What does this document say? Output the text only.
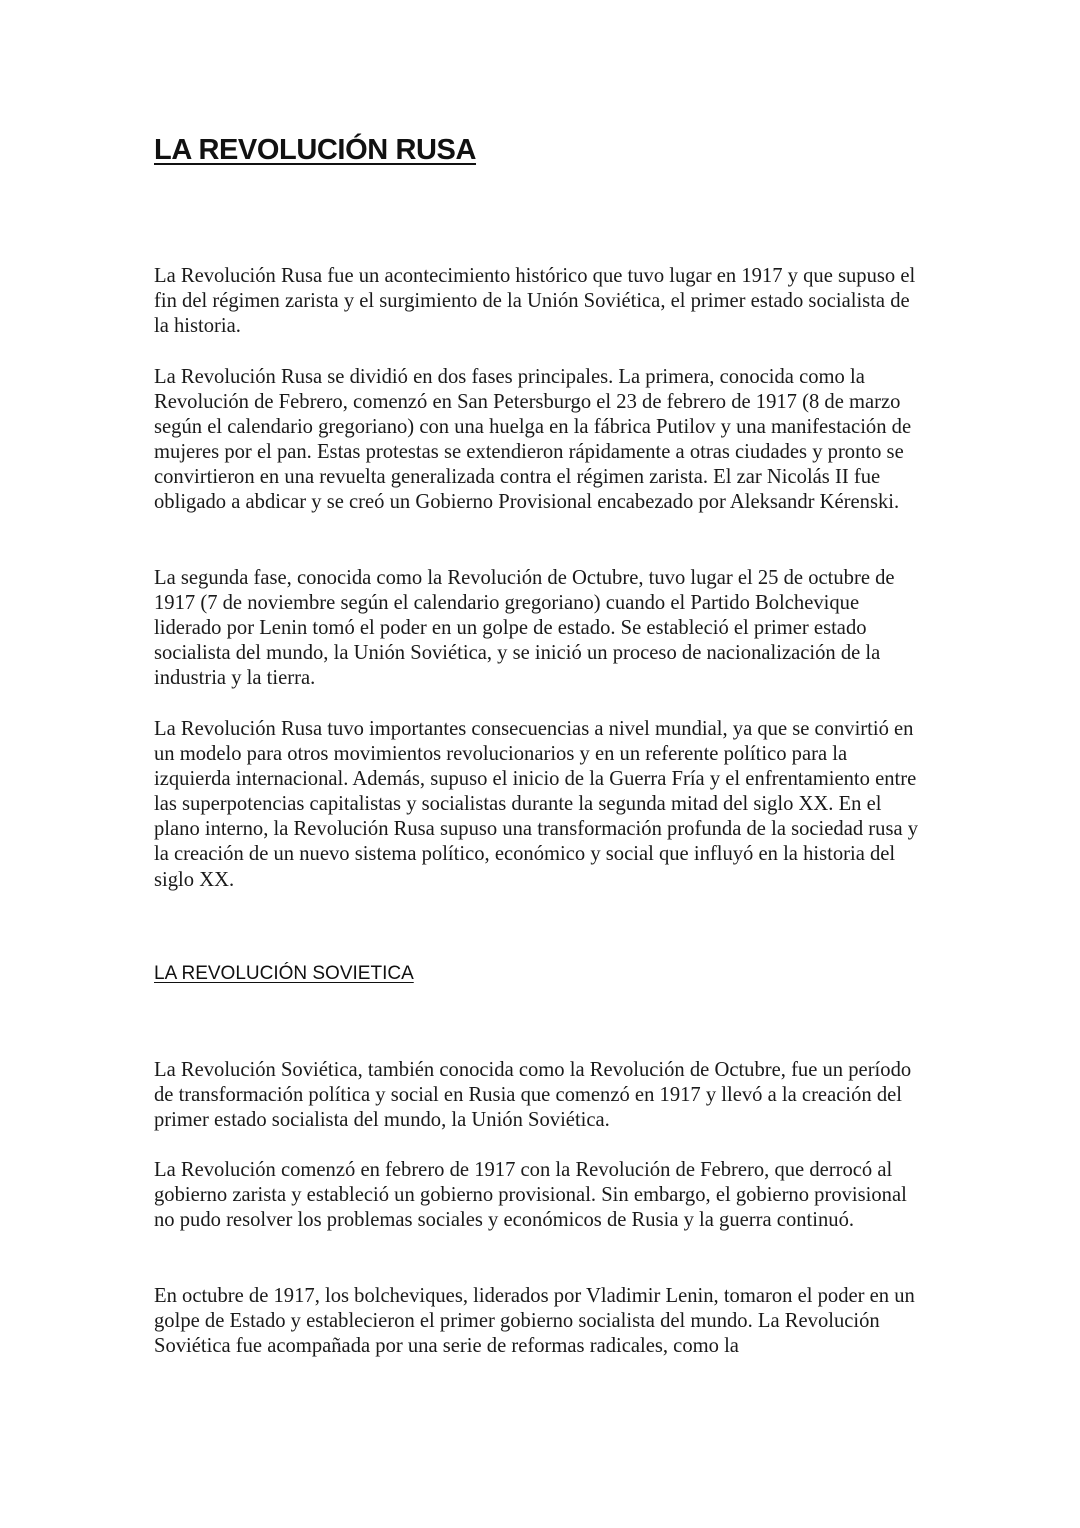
LA REVOLUCIÓN RUSA

La Revolución Rusa fue un acontecimiento histórico que tuvo lugar en 1917 y que supuso el fin del régimen zarista y el surgimiento de la Unión Soviética, el primer estado socialista de la historia.

La Revolución Rusa se dividió en dos fases principales. La primera, conocida como la Revolución de Febrero, comenzó en San Petersburgo el 23 de febrero de 1917 (8 de marzo según el calendario gregoriano) con una huelga en la fábrica Putilov y una manifestación de mujeres por el pan. Estas protestas se extendieron rápidamente a otras ciudades y pronto se convirtieron en una revuelta generalizada contra el régimen zarista. El zar Nicolás II fue obligado a abdicar y se creó un Gobierno Provisional encabezado por Aleksandr Kérenski.

La segunda fase, conocida como la Revolución de Octubre, tuvo lugar el 25 de octubre de 1917 (7 de noviembre según el calendario gregoriano) cuando el Partido Bolchevique liderado por Lenin tomó el poder en un golpe de estado. Se estableció el primer estado socialista del mundo, la Unión Soviética, y se inició un proceso de nacionalización de la industria y la tierra.

La Revolución Rusa tuvo importantes consecuencias a nivel mundial, ya que se convirtió en un modelo para otros movimientos revolucionarios y en un referente político para la izquierda internacional. Además, supuso el inicio de la Guerra Fría y el enfrentamiento entre las superpotencias capitalistas y socialistas durante la segunda mitad del siglo XX. En el plano interno, la Revolución Rusa supuso una transformación profunda de la sociedad rusa y la creación de un nuevo sistema político, económico y social que influyó en la historia del siglo XX.

LA REVOLUCIÓN SOVIETICA

La Revolución Soviética, también conocida como la Revolución de Octubre, fue un período de transformación política y social en Rusia que comenzó en 1917 y llevó a la creación del primer estado socialista del mundo, la Unión Soviética.

La Revolución comenzó en febrero de 1917 con la Revolución de Febrero, que derrocó al gobierno zarista y estableció un gobierno provisional. Sin embargo, el gobierno provisional no pudo resolver los problemas sociales y económicos de Rusia y la guerra continuó.

En octubre de 1917, los bolcheviques, liderados por Vladimir Lenin, tomaron el poder en un golpe de Estado y establecieron el primer gobierno socialista del mundo. La Revolución Soviética fue acompañada por una serie de reformas radicales, como la
